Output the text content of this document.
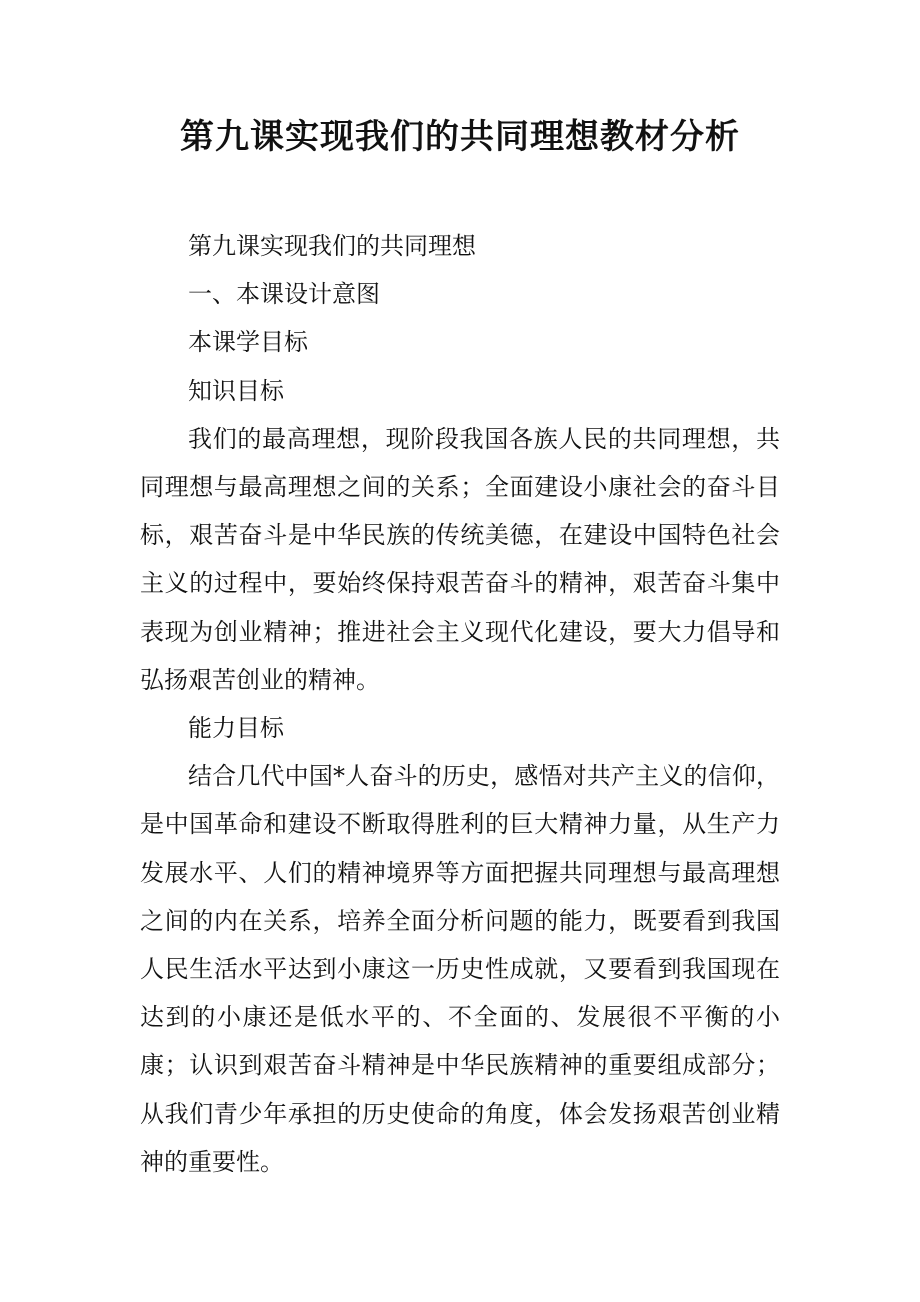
第九课实现我们的共同理想教材分析

第九课实现我们的共同理想

一、本课设计意图

本课学目标

知识目标

我们的最高理想，现阶段我国各族人民的共同理想，共同理想与最高理想之间的关系；全面建设小康社会的奋斗目标，艰苦奋斗是中华民族的传统美德，在建设中国特色社会主义的过程中，要始终保持艰苦奋斗的精神，艰苦奋斗集中表现为创业精神；推进社会主义现代化建设，要大力倡导和弘扬艰苦创业的精神。

能力目标

结合几代中国*人奋斗的历史，感悟对共产主义的信仰，是中国革命和建设不断取得胜利的巨大精神力量，从生产力发展水平、人们的精神境界等方面把握共同理想与最高理想之间的内在关系，培养全面分析问题的能力，既要看到我国人民生活水平达到小康这一历史性成就，又要看到我国现在达到的小康还是低水平的、不全面的、发展很不平衡的小康；认识到艰苦奋斗精神是中华民族精神的重要组成部分；从我们青少年承担的历史使命的角度，体会发扬艰苦创业精神的重要性。
